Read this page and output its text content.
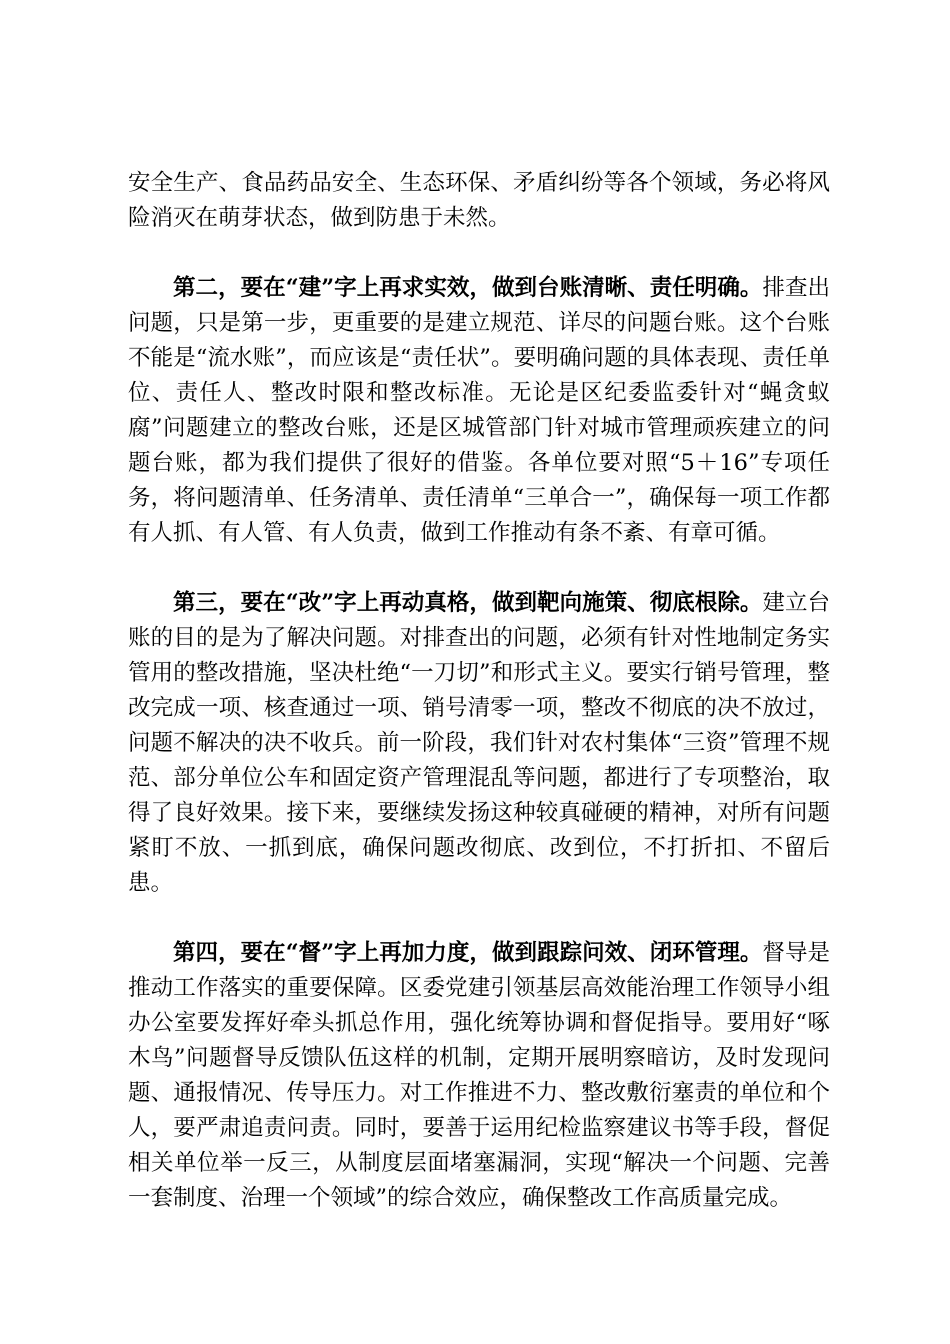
安全生产、食品药品安全、生态环保、矛盾纠纷等各个领域，务必将风险消灭在萌芽状态，做到防患于未然。

第二，要在“建”字上再求实效，做到台账清晰、责任明确。排查出问题，只是第一步，更重要的是建立规范、详尽的问题台账。这个台账不能是“流水账”，而应该是“责任状”。要明确问题的具体表现、责任单位、责任人、整改时限和整改标准。无论是区纪委监委针对“蝇贪蚁腐”问题建立的整改台账，还是区城管部门针对城市管理顽疾建立的问题台账，都为我们提供了很好的借鉴。各单位要对照“5＋16”专项任务，将问题清单、任务清单、责任清单“三单合一”，确保每一项工作都有人抓、有人管、有人负责，做到工作推动有条不紊、有章可循。

第三，要在“改”字上再动真格，做到靶向施策、彻底根除。建立台账的目的是为了解决问题。对排查出的问题，必须有针对性地制定务实管用的整改措施，坚决杜绝“一刀切”和形式主义。要实行销号管理，整改完成一项、核查通过一项、销号清零一项，整改不彻底的决不放过，问题不解决的决不收兵。前一阶段，我们针对农村集体“三资”管理不规范、部分单位公车和固定资产管理混乱等问题，都进行了专项整治，取得了良好效果。接下来，要继续发扬这种较真碰硬的精神，对所有问题紧盯不放、一抓到底，确保问题改彻底、改到位，不打折扣、不留后患。

第四，要在“督”字上再加力度，做到跟踪问效、闭环管理。督导是推动工作落实的重要保障。区委党建引领基层高效能治理工作领导小组办公室要发挥好牵头抓总作用，强化统筹协调和督促指导。要用好“啄木鸟”问题督导反馈队伍这样的机制，定期开展明察暗访，及时发现问题、通报情况、传导压力。对工作推进不力、整改敷衍塞责的单位和个人，要严肃追责问责。同时，要善于运用纪检监察建议书等手段，督促相关单位举一反三，从制度层面堵塞漏洞，实现“解决一个问题、完善一套制度、治理一个领域”的综合效应，确保整改工作高质量完成。
